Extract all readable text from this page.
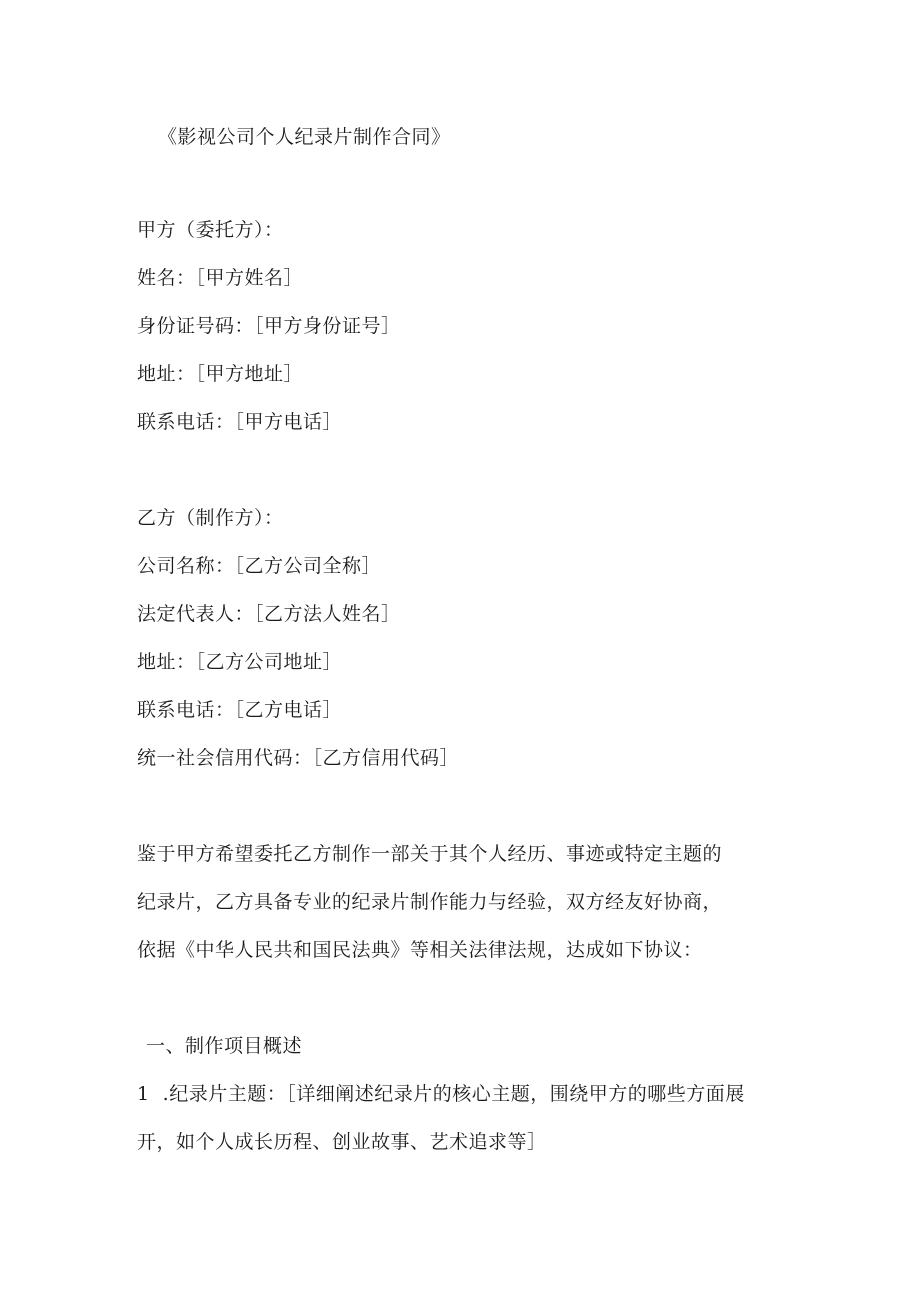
《影视公司个人纪录片制作合同》
甲方（委托方）：
姓名：［甲方姓名］
身份证号码：［甲方身份证号］
地址：［甲方地址］
联系电话：［甲方电话］
乙方（制作方）：
公司名称：［乙方公司全称］
法定代表人：［乙方法人姓名］
地址：［乙方公司地址］
联系电话：［乙方电话］
统一社会信用代码：［乙方信用代码］
鉴于甲方希望委托乙方制作一部关于其个人经历、事迹或特定主题的
纪录片，乙方具备专业的纪录片制作能力与经验，双方经友好协商，
依据《中华人民共和国民法典》等相关法律法规，达成如下协议：
一、制作项目概述
1  .纪录片主题：［详细阐述纪录片的核心主题，围绕甲方的哪些方面展
开，如个人成长历程、创业故事、艺术追求等］
